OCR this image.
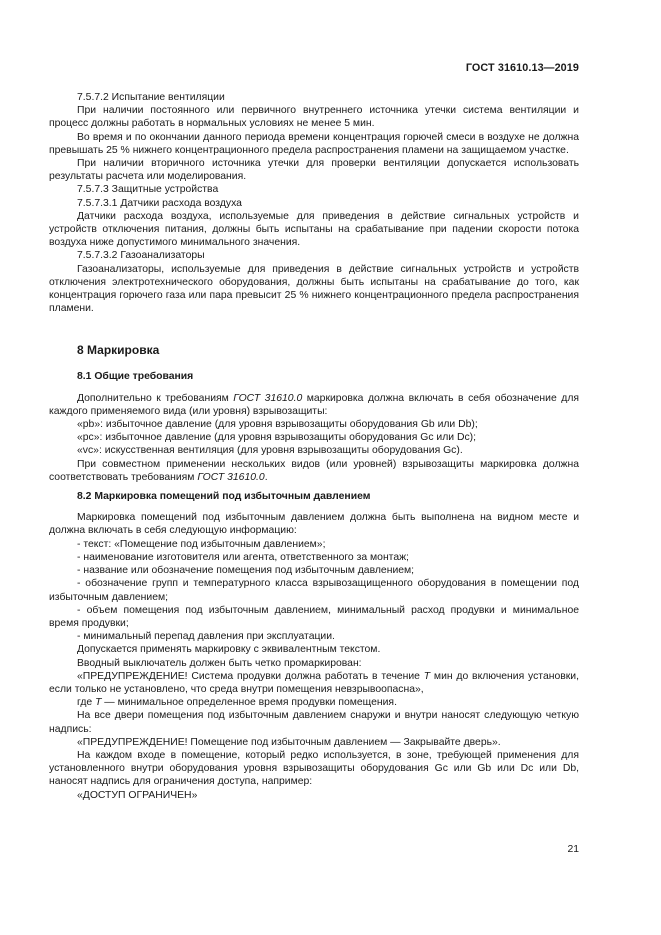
ГОСТ 31610.13—2019

7.5.7.2 Испытание вентиляции

При наличии постоянного или первичного внутреннего источника утечки система вентиляции и процесс должны работать в нормальных условиях не менее 5 мин.

Во время и по окончании данного периода времени концентрация горючей смеси в воздухе не должна превышать 25 % нижнего концентрационного предела распространения пламени на защищаемом участке.

При наличии вторичного источника утечки для проверки вентиляции допускается использовать результаты расчета или моделирования.

7.5.7.3 Защитные устройства

7.5.7.3.1 Датчики расхода воздуха

Датчики расхода воздуха, используемые для приведения в действие сигнальных устройств и устройств отключения питания, должны быть испытаны на срабатывание при падении скорости потока воздуха ниже допустимого минимального значения.

7.5.7.3.2 Газоанализаторы

Газоанализаторы, используемые для приведения в действие сигнальных устройств и устройств отключения электротехнического оборудования, должны быть испытаны на срабатывание до того, как концентрация горючего газа или пара превысит 25 % нижнего концентрационного предела распространения пламени.

8 Маркировка

8.1 Общие требования

Дополнительно к требованиям ГОСТ 31610.0 маркировка должна включать в себя обозначение для каждого применяемого вида (или уровня) взрывозащиты:

«pb»: избыточное давление (для уровня взрывозащиты оборудования Gb или Db);

«pc»: избыточное давление (для уровня взрывозащиты оборудования Gc или Dc);

«vc»: искусственная вентиляция (для уровня взрывозащиты оборудования Gc).

При совместном применении нескольких видов (или уровней) взрывозащиты маркировка должна соответствовать требованиям ГОСТ 31610.0.

8.2 Маркировка помещений под избыточным давлением

Маркировка помещений под избыточным давлением должна быть выполнена на видном месте и должна включать в себя следующую информацию:

- текст: «Помещение под избыточным давлением»;

- наименование изготовителя или агента, ответственного за монтаж;

- название или обозначение помещения под избыточным давлением;

- обозначение групп и температурного класса взрывозащищенного оборудования в помещении под избыточным давлением;

- объем помещения под избыточным давлением, минимальный расход продувки и минимальное время продувки;

- минимальный перепад давления при эксплуатации.

Допускается применять маркировку с эквивалентным текстом.

Вводный выключатель должен быть четко промаркирован:

«ПРЕДУПРЕЖДЕНИЕ! Система продувки должна работать в течение T мин до включения установки, если только не установлено, что среда внутри помещения невзрывоопасна»,

где T — минимальное определенное время продувки помещения.

На все двери помещения под избыточным давлением снаружи и внутри наносят следующую четкую надпись:

«ПРЕДУПРЕЖДЕНИЕ! Помещение под избыточным давлением — Закрывайте дверь».

На каждом входе в помещение, который редко используется, в зоне, требующей применения для установленного внутри оборудования уровня взрывозащиты оборудования Gc или Gb или Dc или Db, наносят надпись для ограничения доступа, например:

«ДОСТУП ОГРАНИЧЕН»

21
